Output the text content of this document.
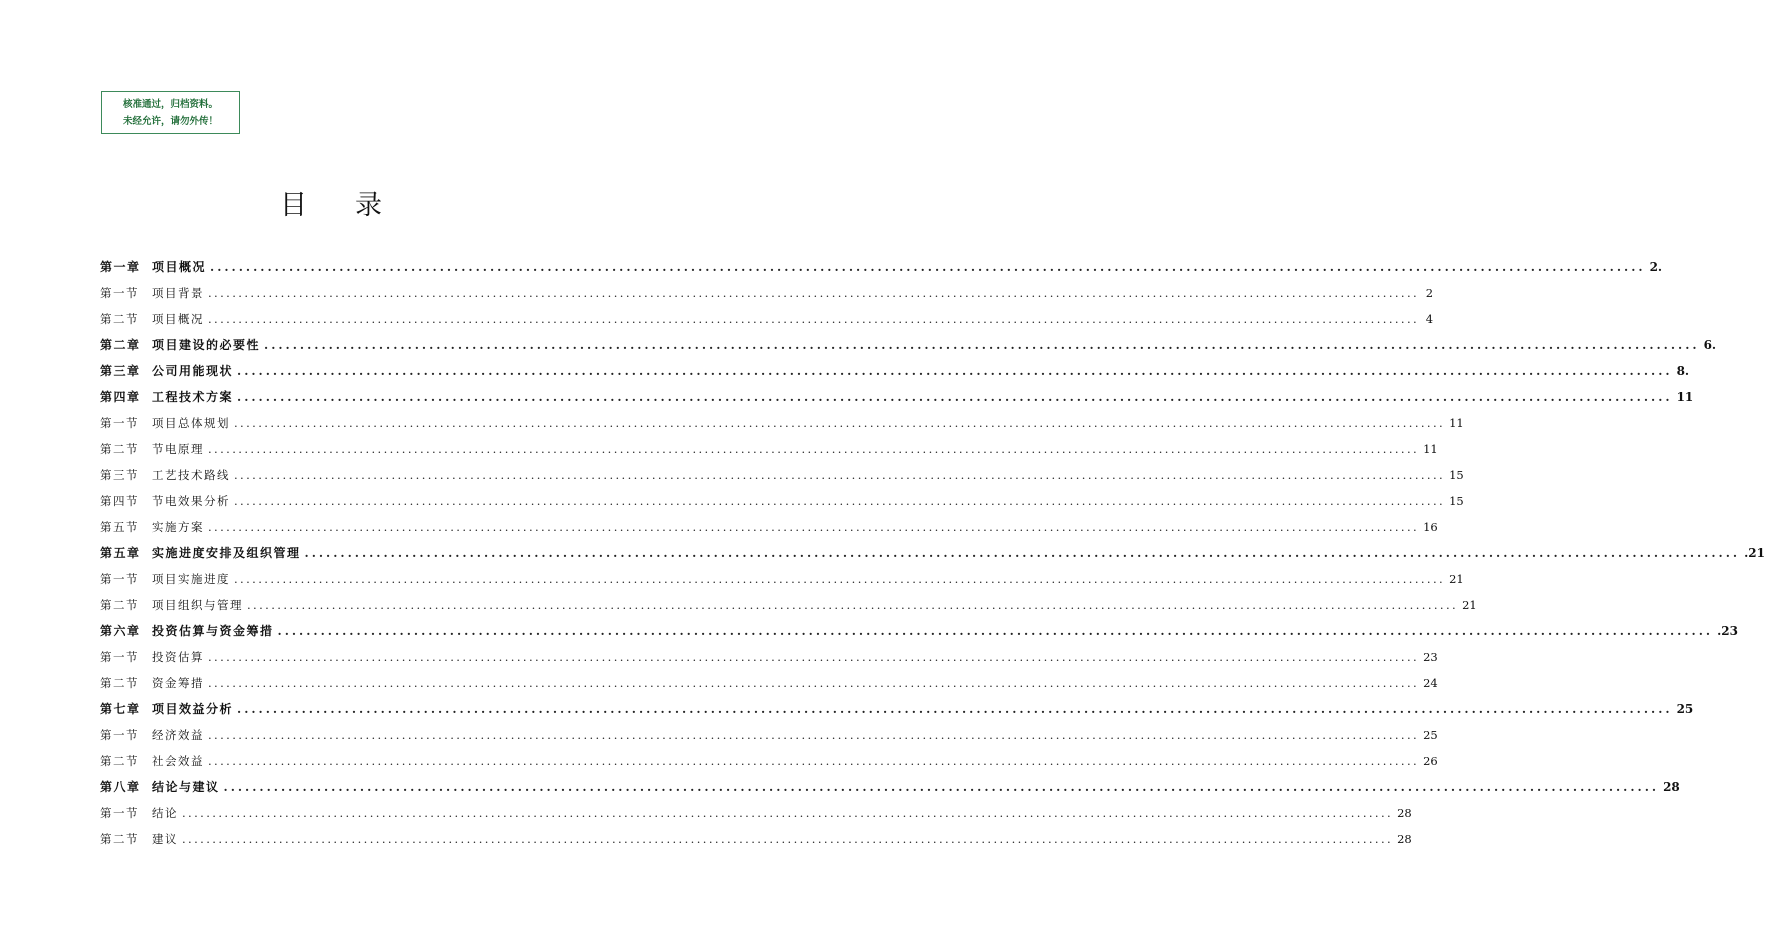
核准通过，归档资料。
未经允许，请勿外传！
目录
第一章 项目概况 ........................................................................................................................................................................................................ 2.
第一节	项目背景 ........................................................................................................................................................................................................ 2
第二节	项目概况 ........................................................................................................................................................................................................ 4
第二章 项目建设的必要性 ........................................................................................................................................................................................................ 6.
第三章 公司用能现状 ........................................................................................................................................................................................................ 8.
第四章 工程技术方案 ........................................................................................................................................................................................................ 11
第一节	项目总体规划 ........................................................................................................................................................................................................ 11
第二节	节电原理 ........................................................................................................................................................................................................ 11
第三节	工艺技术路线 ........................................................................................................................................................................................................ 15
第四节	节电效果分析 ........................................................................................................................................................................................................ 15
第五节	实施方案 ........................................................................................................................................................................................................ 16
第五章 实施进度安排及组织管理 ........................................................................................................................................................................................................ .21
第一节	项目实施进度 ........................................................................................................................................................................................................ 21
第二节	项目组织与管理 ........................................................................................................................................................................................................ 21
第六章 投资估算与资金筹措 ........................................................................................................................................................................................................ .23
第一节	投资估算 ........................................................................................................................................................................................................ 23
第二节	资金筹措 ........................................................................................................................................................................................................ 24
第七章 项目效益分析 ........................................................................................................................................................................................................ 25
第一节	经济效益 ........................................................................................................................................................................................................ 25
第二节	社会效益 ........................................................................................................................................................................................................ 26
第八章 结论与建议 ........................................................................................................................................................................................................ 28
第一节	结论 ........................................................................................................................................................................................................ 28
第二节	建议 ........................................................................................................................................................................................................ 28
